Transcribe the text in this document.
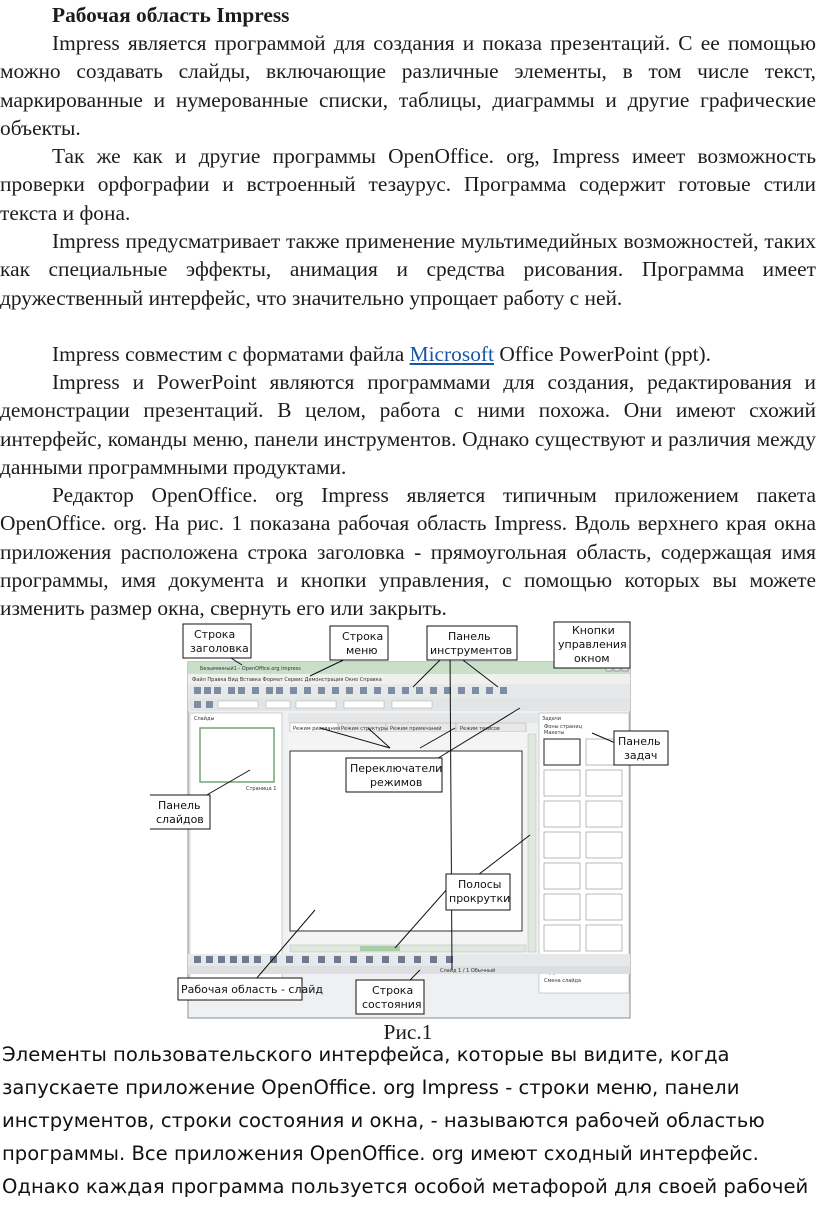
Рабочая область Impress

Impress является программой для создания и показа презентаций. С ее помощью можно создавать слайды, включающие различные элементы, в том числе текст, маркированные и нумерованные списки, таблицы, диаграммы и другие графические объекты.

Так же как и другие программы OpenOffice. org, Impress имеет возможность проверки орфографии и встроенный тезаурус. Программа содержит готовые стили текста и фона.

Impress предусматривает также применение мультимедийных возможностей, таких как специальные эффекты, анимация и средства рисования. Программа имеет дружественный интерфейс, что значительно упрощает работу с ней.

Impress совместим с форматами файла Microsoft Office PowerPoint (ppt).

Impress и PowerPoint являются программами для создания, редактирования и демонстрации презентаций. В целом, работа с ними похожа. Они имеют схожий интерфейс, команды меню, панели инструментов. Однако существуют и различия между данными программными продуктами.

Редактор OpenOffice. org Impress является типичным приложением пакета OpenOffice. org. На рис. 1 показана рабочая область Impress. Вдоль верхнего края окна приложения расположена строка заголовка - прямоугольная область, содержащая имя программы, имя документа и кнопки управления, с помощью которых вы можете изменить размер окна, свернуть его или закрыть.

Безымянный1 - OpenOffice.org Impress
Файл Правка Вид Вставка Формат Сервис Демонстрация Окно Справка
Слайды
Страница 1
Режим рисования Режим структуры Режим примечаний	Режим тезисов
Задачи
Фоны страниц
Макеты
Смена слайда
Слайд 1 / 1 Обычный
Строка
заголовка
Строка
меню
Панель
инструментов
Кнопки
управления
окном
Панель
задач
Переключатели
режимов
Панель
слайдов
Полосы
прокрутки
Рабочая область - слайд	Строка
состояния
Рис.1

Элементы пользовательского интерфейса, которые вы видите, когда запускаете приложение OpenOffice. org Impress - строки меню, панели инструментов, строки состояния и окна, - называются рабочей областью программы. Все приложения OpenOffice. org имеют сходный интерфейс. Однако каждая программа пользуется особой метафорой для своей рабочей
